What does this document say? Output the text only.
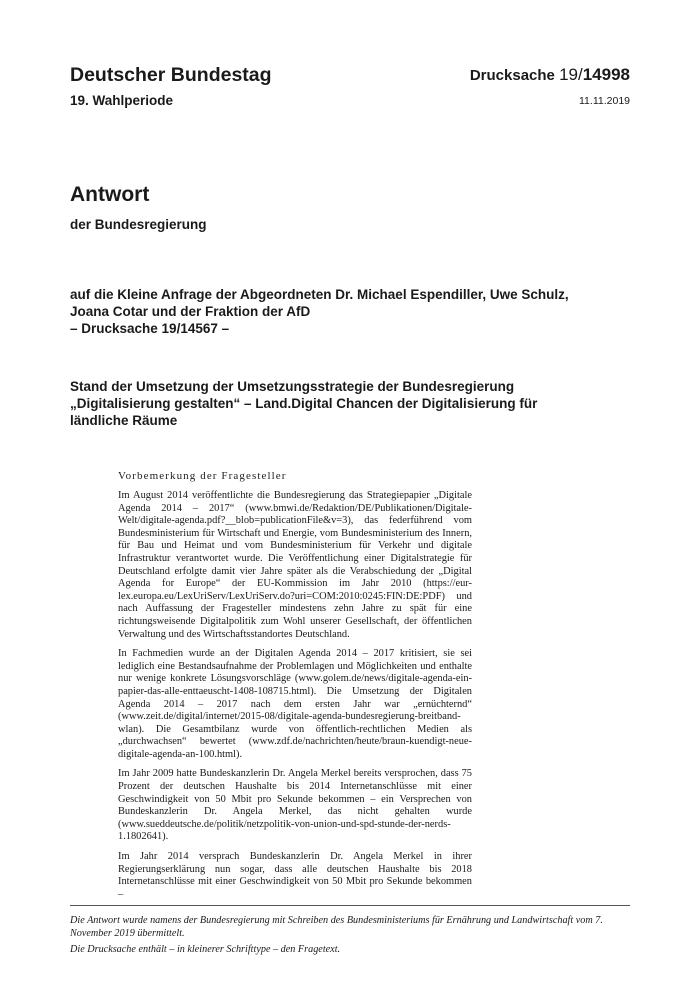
Deutscher Bundestag
19. Wahlperiode
Drucksache 19/14998
11.11.2019
Antwort
der Bundesregierung
auf die Kleine Anfrage der Abgeordneten Dr. Michael Espendiller, Uwe Schulz,
Joana Cotar und der Fraktion der AfD
– Drucksache 19/14567 –
Stand der Umsetzung der Umsetzungsstrategie der Bundesregierung
„Digitalisierung gestalten“ – Land.Digital Chancen der Digitalisierung für
ländliche Räume
Vorbemerkung der Fragesteller

Im August 2014 veröffentlichte die Bundesregierung das Strategiepapier „Digitale Agenda 2014 – 2017“ (www.bmwi.de/Redaktion/DE/Publikationen/Digitale-Welt/digitale-agenda.pdf?__blob=publicationFile&v=3), das federführend vom Bundesministerium für Wirtschaft und Energie, vom Bundesministerium des Innern, für Bau und Heimat und vom Bundesministerium für Verkehr und digitale Infrastruktur verantwortet wurde. Die Veröffentlichung einer Digitalstrategie für Deutschland erfolgte damit vier Jahre später als die Verabschiedung der „Digital Agenda for Europe“ der EU-Kommission im Jahr 2010 (https://eur-lex.europa.eu/LexUriServ/LexUriServ.do?uri=COM:2010:0245:FIN:DE:PDF) und nach Auffassung der Fragesteller mindestens zehn Jahre zu spät für eine richtungsweisende Digitalpolitik zum Wohl unserer Gesellschaft, der öffentlichen Verwaltung und des Wirtschaftsstandortes Deutschland.

In Fachmedien wurde an der Digitalen Agenda 2014 – 2017 kritisiert, sie sei lediglich eine Bestandsaufnahme der Problemlagen und Möglichkeiten und enthalte nur wenige konkrete Lösungsvorschläge (www.golem.de/news/digitale-agenda-ein-papier-das-alle-enttaeuscht-1408-108715.html). Die Umsetzung der Digitalen Agenda 2014 – 2017 nach dem ersten Jahr war „ernüchternd“ (www.zeit.de/digital/internet/2015-08/digitale-agenda-bundesregierung-breitband-wlan). Die Gesamtbilanz wurde von öffentlich-rechtlichen Medien als „durchwachsen“ bewertet (www.zdf.de/nachrichten/heute/braun-kuendigt-neue-digitale-agenda-an-100.html).

Im Jahr 2009 hatte Bundeskanzlerin Dr. Angela Merkel bereits versprochen, dass 75 Prozent der deutschen Haushalte bis 2014 Internetanschlüsse mit einer Geschwindigkeit von 50 Mbit pro Sekunde bekommen – ein Versprechen von Bundeskanzlerin Dr. Angela Merkel, das nicht gehalten wurde (www.sueddeutsche.de/politik/netzpolitik-von-union-und-spd-stunde-der-nerds-1.1802641).

Im Jahr 2014 versprach Bundeskanzlerin Dr. Angela Merkel in ihrer Regierungserklärung nun sogar, dass alle deutschen Haushalte bis 2018 Internetanschlüsse mit einer Geschwindigkeit von 50 Mbit pro Sekunde bekommen –

Die Antwort wurde namens der Bundesregierung mit Schreiben des Bundesministeriums für Ernährung und Landwirtschaft vom 7. November 2019 übermittelt.

Die Drucksache enthält – in kleinerer Schrifttype – den Fragetext.
